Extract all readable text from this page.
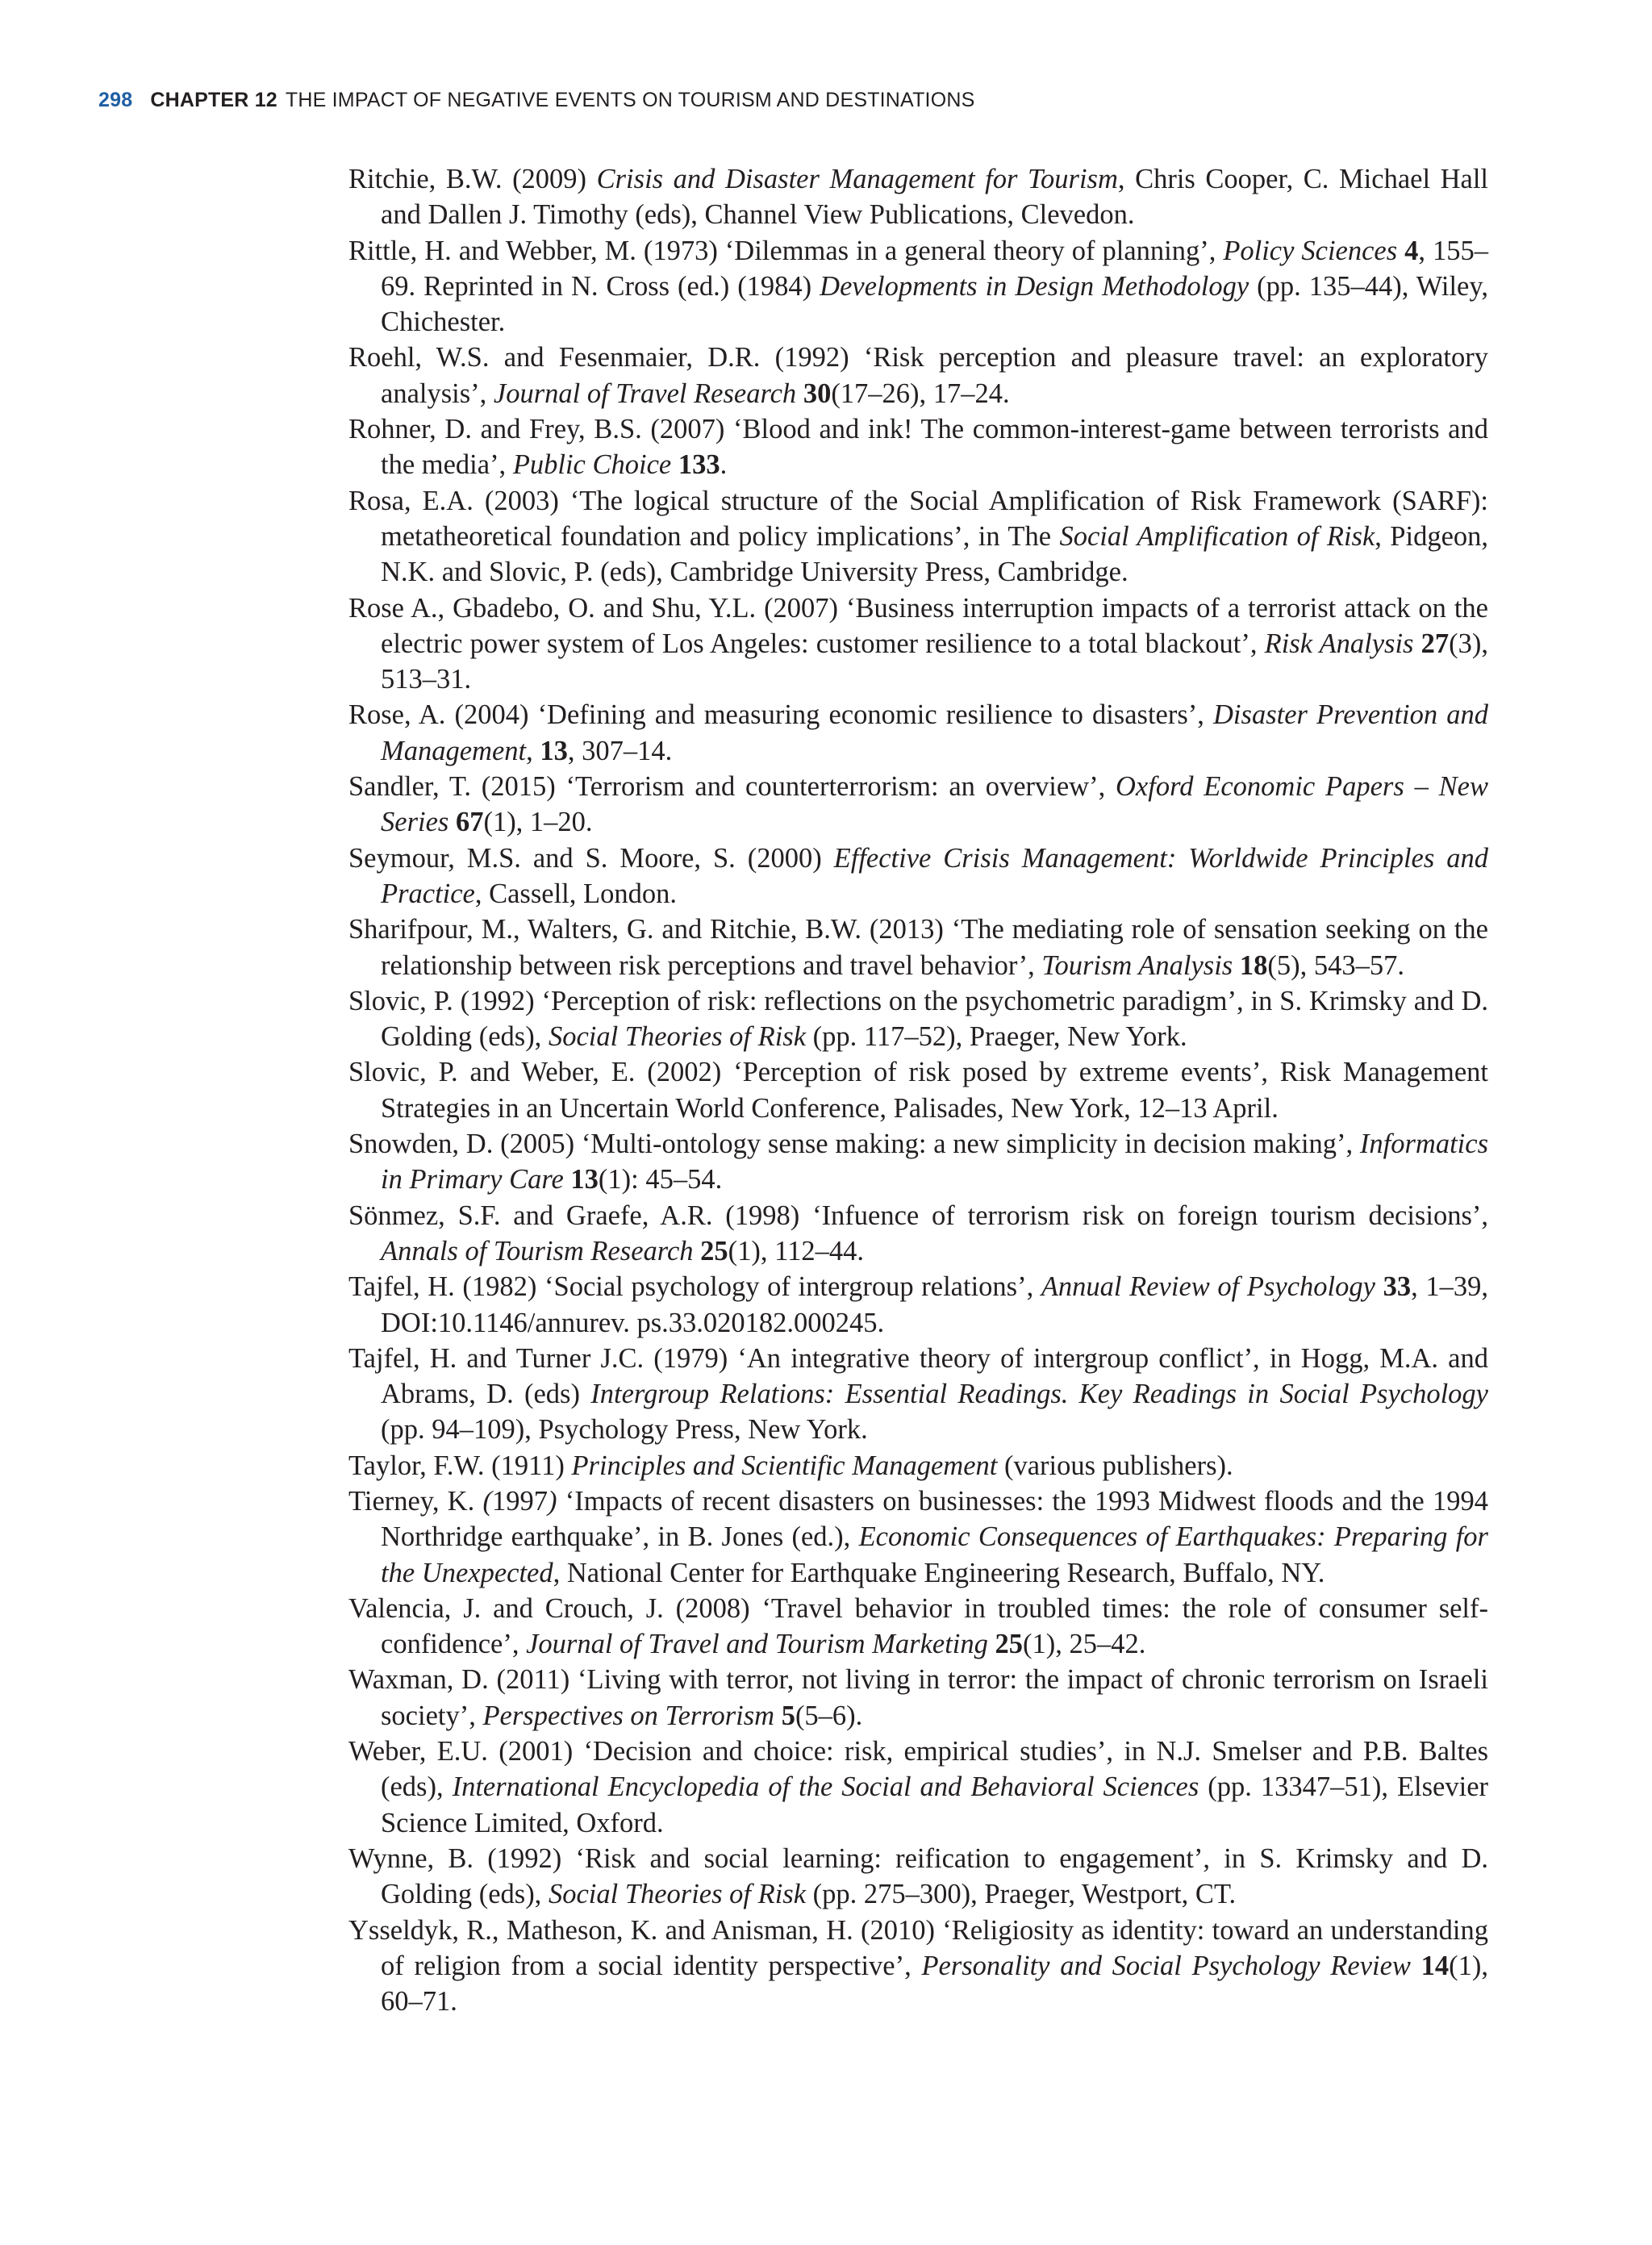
298 CHAPTER 12 THE IMPACT OF NEGATIVE EVENTS ON TOURISM AND DESTINATIONS

Ritchie, B.W. (2009) Crisis and Disaster Management for Tourism, Chris Cooper, C. Michael Hall and Dallen J. Timothy (eds), Channel View Publications, Clevedon.

Rittle, H. and Webber, M. (1973) ‘Dilemmas in a general theory of planning’, Policy Sciences 4, 155–69. Reprinted in N. Cross (ed.) (1984) Developments in Design Methodology (pp. 135–44), Wiley, Chichester.

Roehl, W.S. and Fesenmaier, D.R. (1992) ‘Risk perception and pleasure travel: an exploratory analysis’, Journal of Travel Research 30(17–26), 17–24.

Rohner, D. and Frey, B.S. (2007) ‘Blood and ink! The common-interest-game between terrorists and the media’, Public Choice 133.

Rosa, E.A. (2003) ‘The logical structure of the Social Amplification of Risk Framework (SARF): metatheoretical foundation and policy implications’, in The Social Amplification of Risk, Pidgeon, N.K. and Slovic, P. (eds), Cambridge University Press, Cambridge.

Rose A., Gbadebo, O. and Shu, Y.L. (2007) ‘Business interruption impacts of a terrorist attack on the electric power system of Los Angeles: customer resilience to a total blackout’, Risk Analysis 27(3), 513–31.

Rose, A. (2004) ‘Defining and measuring economic resilience to disasters’, Disaster Prevention and Management, 13, 307–14.

Sandler, T. (2015) ‘Terrorism and counterterrorism: an overview’, Oxford Economic Papers – New Series 67(1), 1–20.

Seymour, M.S. and S. Moore, S. (2000) Effective Crisis Management: Worldwide Principles and Practice, Cassell, London.

Sharifpour, M., Walters, G. and Ritchie, B.W. (2013) ‘The mediating role of sensation seeking on the relationship between risk perceptions and travel behavior’, Tourism Analysis 18(5), 543–57.

Slovic, P. (1992) ‘Perception of risk: reflections on the psychometric paradigm’, in S. Krimsky and D. Golding (eds), Social Theories of Risk (pp. 117–52), Praeger, New York.

Slovic, P. and Weber, E. (2002) ‘Perception of risk posed by extreme events’, Risk Management Strategies in an Uncertain World Conference, Palisades, New York, 12–13 April.

Snowden, D. (2005) ‘Multi-ontology sense making: a new simplicity in decision making’, Informatics in Primary Care 13(1): 45–54.

Sönmez, S.F. and Graefe, A.R. (1998) ‘Infuence of terrorism risk on foreign tourism decisions’, Annals of Tourism Research 25(1), 112–44.

Tajfel, H. (1982) ‘Social psychology of intergroup relations’, Annual Review of Psychology 33, 1–39, DOI:10.1146/annurev. ps.33.020182.000245.

Tajfel, H. and Turner J.C. (1979) ‘An integrative theory of intergroup conflict’, in Hogg, M.A. and Abrams, D. (eds) Intergroup Relations: Essential Readings. Key Readings in Social Psychology (pp. 94–109), Psychology Press, New York.

Taylor, F.W. (1911) Principles and Scientific Management (various publishers).

Tierney, K. (1997) ‘Impacts of recent disasters on businesses: the 1993 Midwest floods and the 1994 Northridge earthquake’, in B. Jones (ed.), Economic Consequences of Earthquakes: Preparing for the Unexpected, National Center for Earthquake Engineering Research, Buffalo, NY.

Valencia, J. and Crouch, J. (2008) ‘Travel behavior in troubled times: the role of consumer self-confidence’, Journal of Travel and Tourism Marketing 25(1), 25–42.

Waxman, D. (2011) ‘Living with terror, not living in terror: the impact of chronic terrorism on Israeli society’, Perspectives on Terrorism 5(5–6).

Weber, E.U. (2001) ‘Decision and choice: risk, empirical studies’, in N.J. Smelser and P.B. Baltes (eds), International Encyclopedia of the Social and Behavioral Sciences (pp. 13347–51), Elsevier Science Limited, Oxford.

Wynne, B. (1992) ‘Risk and social learning: reification to engagement’, in S. Krimsky and D. Golding (eds), Social Theories of Risk (pp. 275–300), Praeger, Westport, CT.

Ysseldyk, R., Matheson, K. and Anisman, H. (2010) ‘Religiosity as identity: toward an understanding of religion from a social identity perspective’, Personality and Social Psychology Review 14(1), 60–71.
